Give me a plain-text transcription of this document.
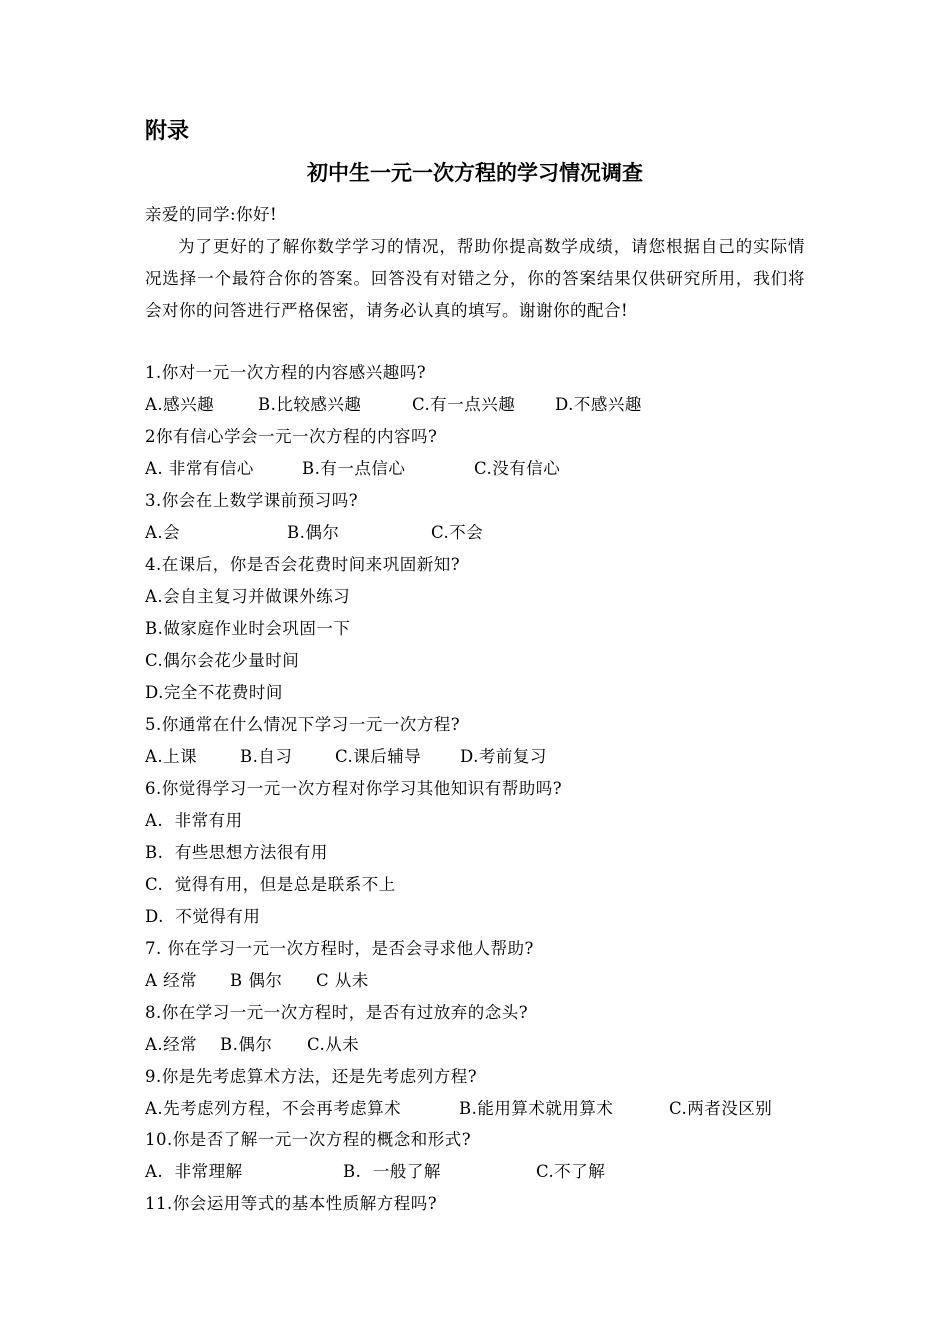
附录
初中生一元一次方程的学习情况调查
亲爱的同学:你好!
为了更好的了解你数学学习的情况，帮助你提高数学成绩，请您根据自己的实际情况选择一个最符合你的答案。回答没有对错之分，你的答案结果仅供研究所用，我们将会对你的问答进行严格保密，请务必认真的填写。谢谢你的配合!
1.你对一元一次方程的内容感兴趣吗?
A.感兴趣	B.比较感兴趣	C.有一点兴趣 D.不感兴趣
2你有信心学会一元一次方程的内容吗?
A. 非常有信心	B.有一点信心	C.没有信心
3.你会在上数学课前预习吗?
A.会	B.偶尔	C.不会
4.在课后，你是否会花费时间来巩固新知?
A.会自主复习并做课外练习
B.做家庭作业时会巩固一下
C.偶尔会花少量时间
D.完全不花费时间
5.你通常在什么情况下学习一元一次方程?
A.上课	B.自习	C.课后辅导 D.考前复习
6.你觉得学习一元一次方程对你学习其他知识有帮助吗?
A.  非常有用
B.  有些思想方法很有用
C.  觉得有用，但是总是联系不上
D.  不觉得有用
7. 你在学习一元一次方程时，是否会寻求他人帮助?
A 经常 B 偶尔 C 从未
8.你在学习一元一次方程时，是否有过放弃的念头?
A.经常 B.偶尔 C.从未
9.你是先考虑算术方法，还是先考虑列方程?
A.先考虑列方程，不会再考虑算术	B.能用算术就用算术	C.两者没区别
10.你是否了解一元一次方程的概念和形式?
A.  非常理解	B.  一般了解	C.不了解
11.你会运用等式的基本性质解方程吗?
